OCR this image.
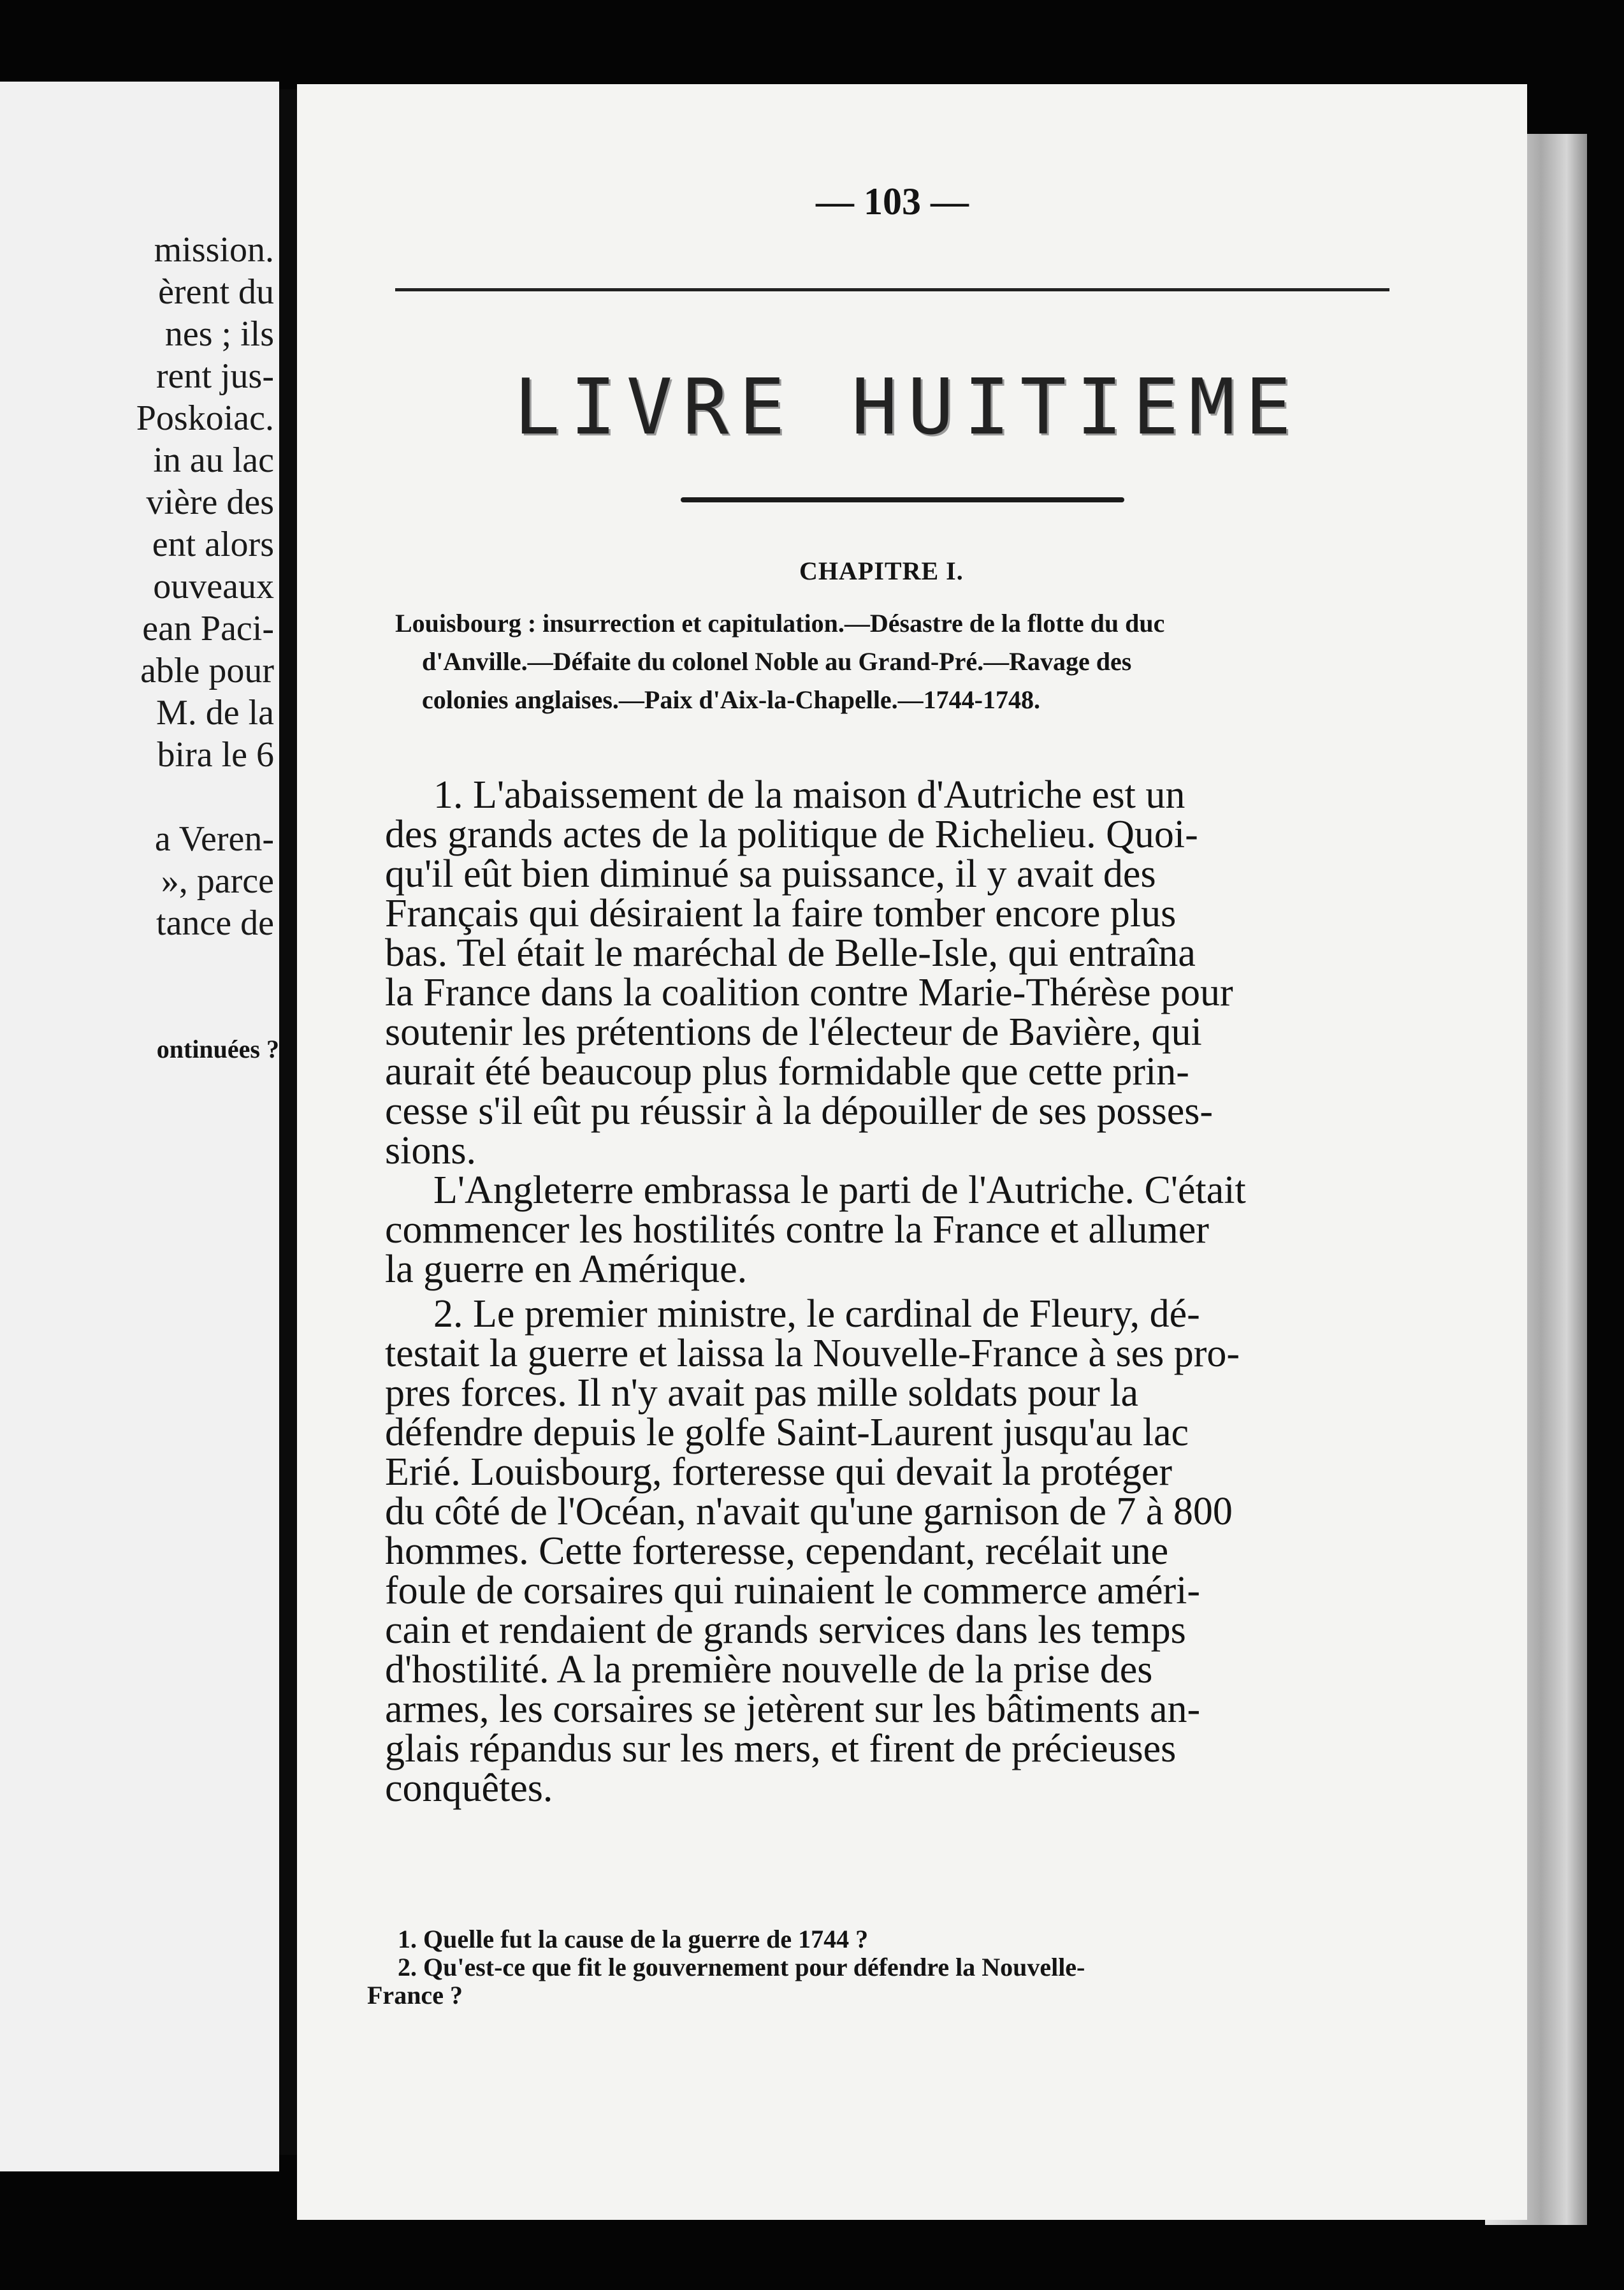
mission.
èrent du
nes ; ils
rent jus-
Poskoiac.
in au lac
vière des
ent alors
ouveaux
ean Paci-
able pour
M. de la
bira le 6
a Veren-
», parce
tance de
ontinuées ?
— 103 —
LIVRE HUITIEME
CHAPITRE I.
Louisbourg : insurrection et capitulation.—Désastre de la flotte du duc
d'Anville.—Défaite du colonel Noble au Grand-Pré.—Ravage des
colonies anglaises.—Paix d'Aix-la-Chapelle.—1744-1748.
1. L'abaissement de la maison d'Autriche est un
des grands actes de la politique de Richelieu. Quoi-
qu'il eût bien diminué sa puissance, il y avait des
Français qui désiraient la faire tomber encore plus
bas. Tel était le maréchal de Belle-Isle, qui entraîna
la France dans la coalition contre Marie-Thérèse pour
soutenir les prétentions de l'électeur de Bavière, qui
aurait été beaucoup plus formidable que cette prin-
cesse s'il eût pu réussir à la dépouiller de ses posses-
sions.
L'Angleterre embrassa le parti de l'Autriche. C'était
commencer les hostilités contre la France et allumer
la guerre en Amérique.
2. Le premier ministre, le cardinal de Fleury, dé-
testait la guerre et laissa la Nouvelle-France à ses pro-
pres forces. Il n'y avait pas mille soldats pour la
défendre depuis le golfe Saint-Laurent jusqu'au lac
Erié. Louisbourg, forteresse qui devait la protéger
du côté de l'Océan, n'avait qu'une garnison de 7 à 800
hommes. Cette forteresse, cependant, recélait une
foule de corsaires qui ruinaient le commerce améri-
cain et rendaient de grands services dans les temps
d'hostilité. A la première nouvelle de la prise des
armes, les corsaires se jetèrent sur les bâtiments an-
glais répandus sur les mers, et firent de précieuses
conquêtes.
1. Quelle fut la cause de la guerre de 1744 ?
2. Qu'est-ce que fit le gouvernement pour défendre la Nouvelle-
France ?
